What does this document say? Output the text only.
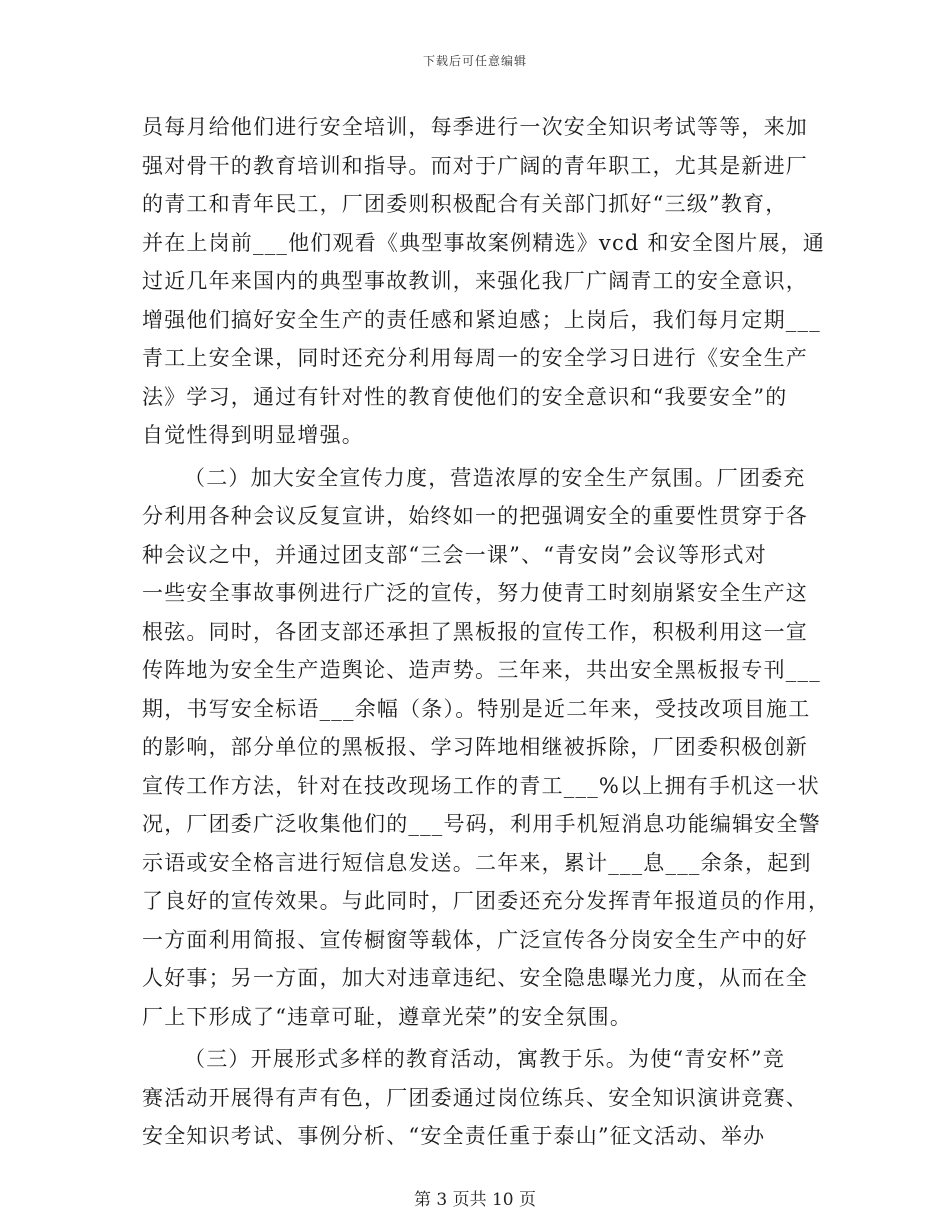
下载后可任意编辑
员每月给他们进行安全培训，每季进行一次安全知识考试等等，来加
强对骨干的教育培训和指导。而对于广阔的青年职工，尤其是新进厂
的青工和青年民工，厂团委则积极配合有关部门抓好“三级”教育，
并在上岗前___他们观看《典型事故案例精选》vcd 和安全图片展，通
过近几年来国内的典型事故教训，来强化我厂广阔青工的安全意识，
增强他们搞好安全生产的责任感和紧迫感；上岗后，我们每月定期___
青工上安全课，同时还充分利用每周一的安全学习日进行《安全生产
法》学习，通过有针对性的教育使他们的安全意识和“我要安全”的
自觉性得到明显增强。
（二）加大安全宣传力度，营造浓厚的安全生产氛围。厂团委充
分利用各种会议反复宣讲，始终如一的把强调安全的重要性贯穿于各
种会议之中，并通过团支部“三会一课”、“青安岗”会议等形式对
一些安全事故事例进行广泛的宣传，努力使青工时刻崩紧安全生产这
根弦。同时，各团支部还承担了黑板报的宣传工作，积极利用这一宣
传阵地为安全生产造舆论、造声势。三年来，共出安全黑板报专刊___
期，书写安全标语___余幅（条）。特别是近二年来，受技改项目施工
的影响，部分单位的黑板报、学习阵地相继被拆除，厂团委积极创新
宣传工作方法，针对在技改现场工作的青工___%以上拥有手机这一状
况，厂团委广泛收集他们的___号码，利用手机短消息功能编辑安全警
示语或安全格言进行短信息发送。二年来，累计___息___余条，起到
了良好的宣传效果。与此同时，厂团委还充分发挥青年报道员的作用，
一方面利用简报、宣传橱窗等载体，广泛宣传各分岗安全生产中的好
人好事；另一方面，加大对违章违纪、安全隐患曝光力度，从而在全
厂上下形成了“违章可耻，遵章光荣”的安全氛围。
（三）开展形式多样的教育活动，寓教于乐。为使“青安杯”竞
赛活动开展得有声有色，厂团委通过岗位练兵、安全知识演讲竞赛、
安全知识考试、事例分析、“安全责任重于泰山”征文活动、举办
第 3 页共 10 页
